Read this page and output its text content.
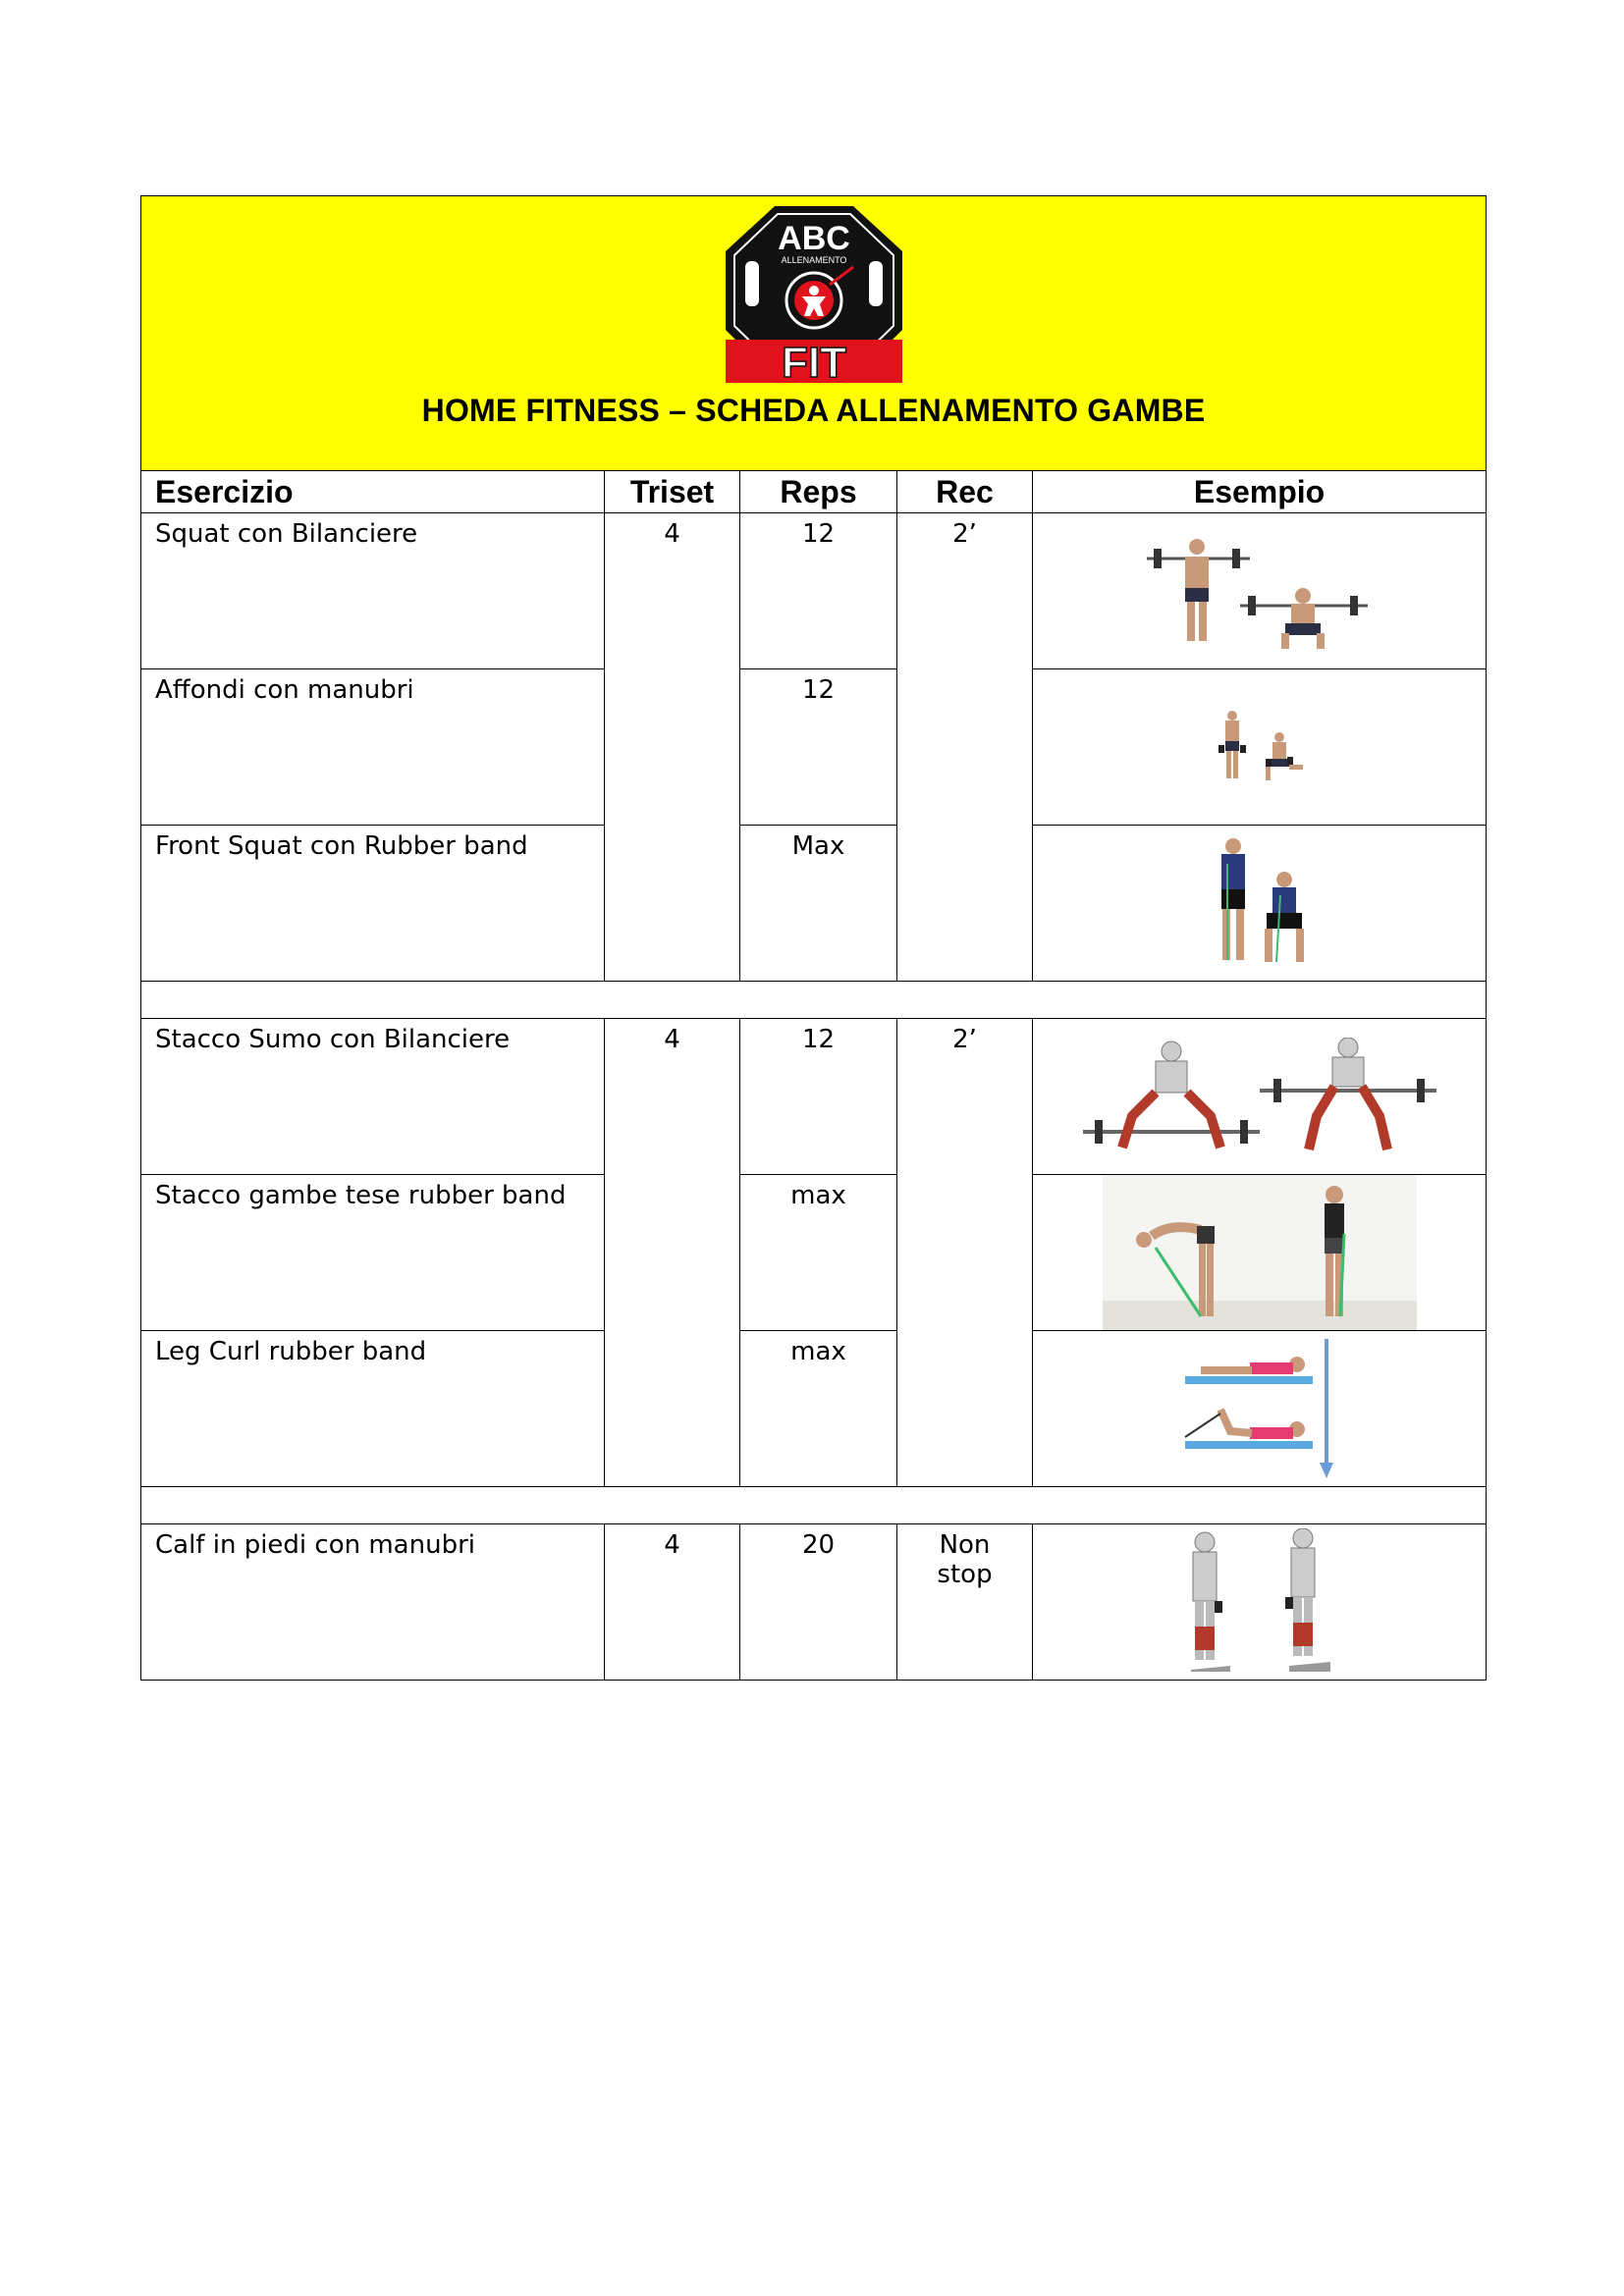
ABC
ALLENAMENTO
FIT
HOME FITNESS – SCHEDA ALLENAMENTO GAMBE				

Esercizio	Triset	Reps	Rec	Esempio
Squat con Bilanciere	4	12	2’	

Affondi con manubri		12	

Front Squat con Rubber band		Max	

Stacco Sumo con Bilanciere	4	12	2’	

Stacco gambe tese rubber band		max	

Leg Curl rubber band		max	

Calf in piedi con manubri	4	20	Non
stop
